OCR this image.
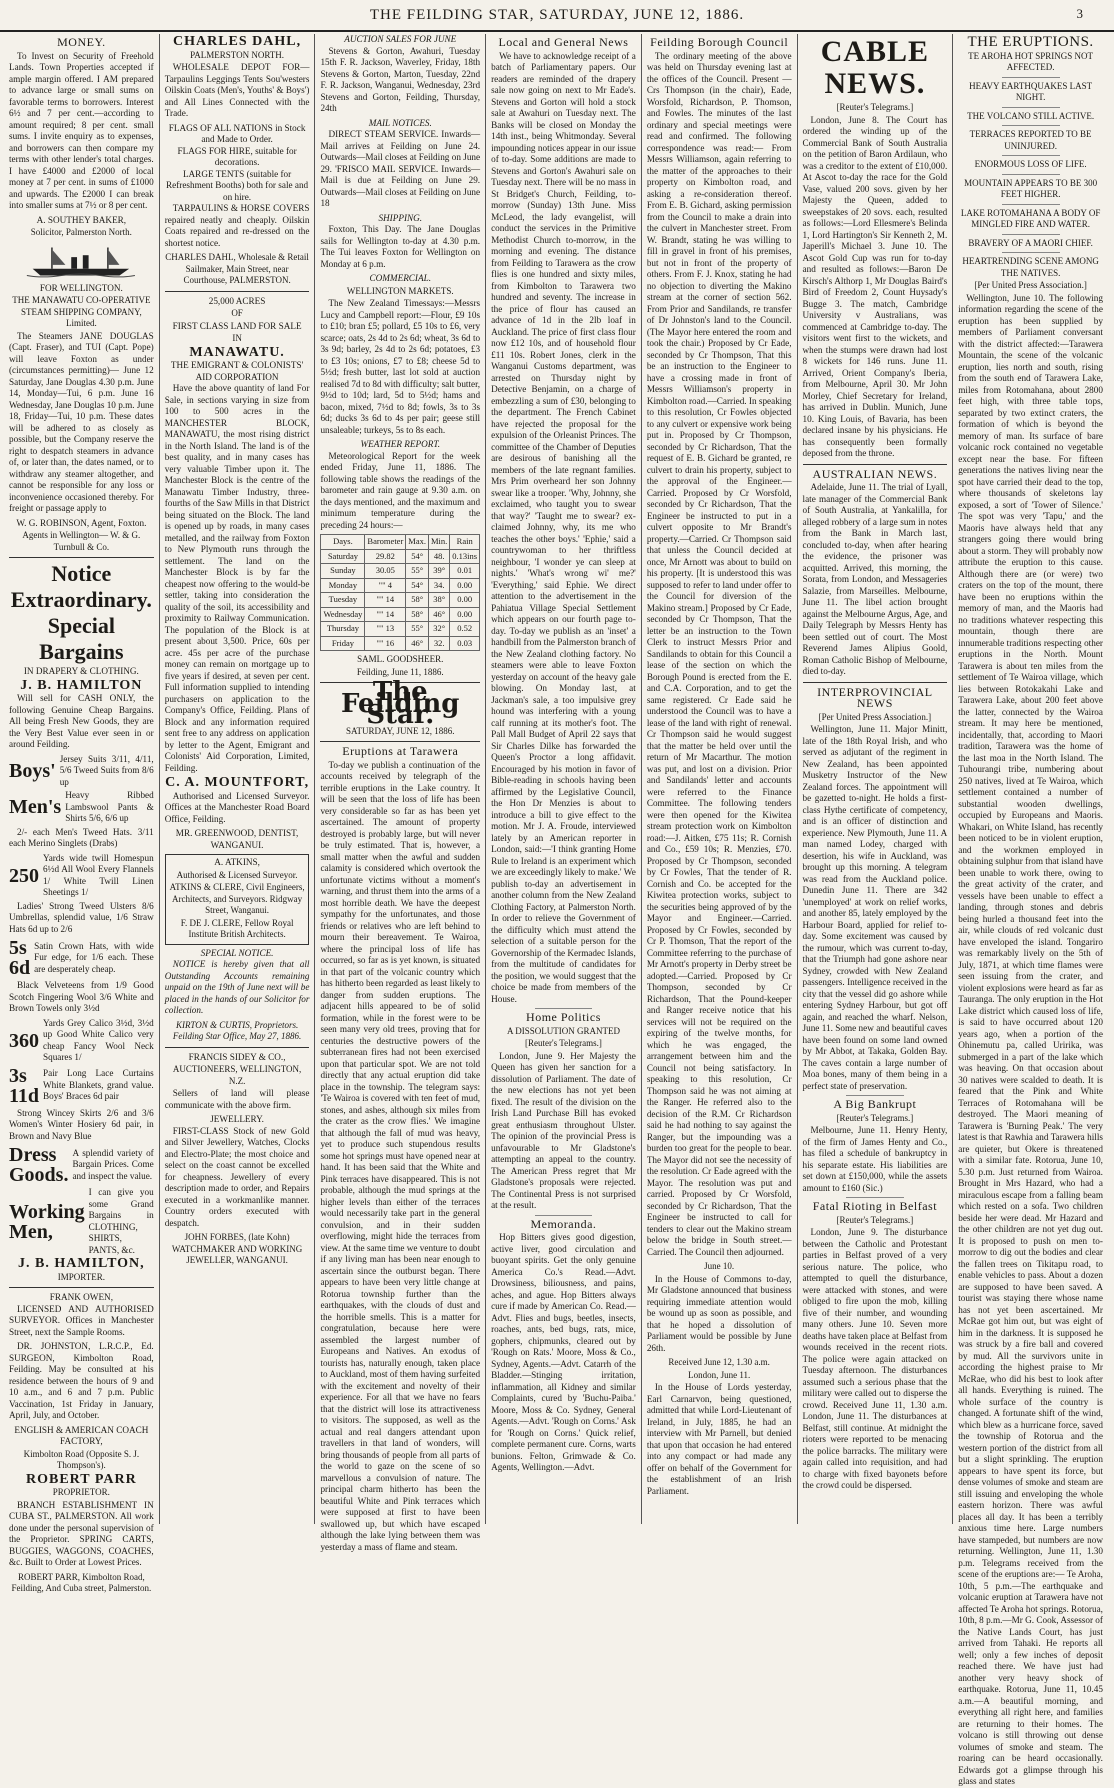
THE FEILDING STAR, SATURDAY, JUNE 12, 1886.	3
MONEY.

To Invest on Security of Freehold Lands. Town Properties accepted if ample margin offered. I AM prepared to advance large or small sums on favorable terms to borrowers. Interest 6½ and 7 per cent.—according to amount required; 8 per cent. small sums. I invite enquiry as to expenses, and borrowers can then compare my terms with other lender's total charges. I have £4000 and £2000 of local money at 7 per cent. in sums of £1000 and upwards. The £2000 I can break into smaller sums at 7½ or 8 per cent.

A. SOUTHEY BAKER,
Solicitor, Palmerston North.
FOR WELLINGTON.
THE MANAWATU CO-OPERATIVE STEAM SHIPPING COMPANY, Limited.

The Steamers JANE DOUGLAS (Capt. Fraser), and TUI (Capt. Pope) will leave Foxton as under (circumstances permitting)— June 12 Saturday, Jane Douglas 4.30 p.m. June 14, Monday—Tui, 6 p.m. June 16 Wednesday, Jane Douglas 10 p.m. June 18, Friday—Tui, 10 p.m. These dates will be adhered to as closely as possible, but the Company reserve the right to despatch steamers in advance of, or later than, the dates named, or to withdraw any steamer altogether, and cannot be responsible for any loss or inconvenience occasioned thereby. For freight or passage apply to

W. G. ROBINSON, Agent, Foxton.
Agents in Wellington— W. & G. Turnbull & Co.
Notice
Extraordinary.
Special
Bargains
IN DRAPERY & CLOTHING.
J. B. HAMILTON

Will sell for CASH ONLY, the following Genuine Cheap Bargains. All being Fresh New Goods, they are the Very Best Value ever seen in or around Feilding.

Boys'
Jersey Suits 3/11, 4/11, 5/6 Tweed Suits from 8/6 up
Men's
Heavy Ribbed Lambswool Pants & Shirts 5/6, 6/6 up

2/- each Men's Tweed Hats. 3/11 each Merino Singlets (Drabs)

250
Yards wide twill Homespun 6½d All Wool Every Flannels 1/ White Twill Linen Sheetings 1/

Ladies' Strong Tweed Ulsters 8/6 Umbrellas, splendid value, 1/6 Straw Hats 6d up to 2/6

5s 6d
Satin Crown Hats, with wide Fur edge, for 1/6 each. These are desperately cheap.

Black Velveteens from 1/9 Good Scotch Fingering Wool 3/6 White and Brown Towels only 3½d

360
Yards Grey Calico 3½d, 3½d up Good White Calico very cheap Fancy Wool Neck Squares 1/
3s 11d
Pair Long Lace Curtains White Blankets, grand value. Boys' Braces 6d pair

Strong Wincey Skirts 2/6 and 3/6 Women's Winter Hosiery 6d pair, in Brown and Navy Blue

Dress Goods.
A splendid variety of Bargain Prices. Come and inspect the value.
Working Men,
I can give you some Grand Bargains in CLOTHING, SHIRTS, PANTS, &c.
J. B. HAMILTON,
IMPORTER.
FRANK OWEN,

LICENSED AND AUTHORISED SURVEYOR. Offices in Manchester Street, next the Sample Rooms.

DR. JOHNSTON, L.R.C.P., Ed. SURGEON, Kimbolton Road, Feilding. May be consulted at his residence between the hours of 9 and 10 a.m., and 6 and 7 p.m. Public Vaccination, 1st Friday in January, April, July, and October.

ENGLISH & AMERICAN COACH FACTORY,
Kimbolton Road (Opposite S. J. Thompson's).
ROBERT PARR
PROPRIETOR.

BRANCH ESTABLISHMENT IN CUBA ST., PALMERSTON. All work done under the personal supervision of the Proprietor. SPRING CARTS, BUGGIES, WAGGONS, COACHES, &c. Built to Order at Lowest Prices.

ROBERT PARR, Kimbolton Road, Feilding, And Cuba street, Palmerston.
CHARLES DAHL,
PALMERSTON NORTH.

WHOLESALE DEPOT FOR— Tarpaulins Leggings Tents Sou'westers Oilskin Coats (Men's, Youths' & Boys') and All Lines Connected with the Trade.

FLAGS OF ALL NATIONS in Stock and Made to Order.
FLAGS FOR HIRE, suitable for decorations.
LARGE TENTS (suitable for Refreshment Booths) both for sale and on hire.

TARPAULINS & HORSE COVERS repaired neatly and cheaply. Oilskin Coats repaired and re-dressed on the shortest notice.

CHARLES DAHL, Wholesale & Retail Sailmaker, Main Street, near Courthouse, PALMERSTON.
25,000 ACRES
OF
FIRST CLASS LAND FOR SALE
IN
MANAWATU.
THE EMIGRANT & COLONISTS' AID CORPORATION

Have the above quantity of land For Sale, in sections varying in size from 100 to 500 acres in the MANCHESTER BLOCK, MANAWATU, the most rising district in the North Island. The land is of the best quality, and in many cases has very valuable Timber upon it. The Manchester Block is the centre of the Manawatu Timber Industry, three-fourths of the Saw Mills in that District being situated on the Block. The land is opened up by roads, in many cases metalled, and the railway from Foxton to New Plymouth runs through the settlement. The land on the Manchester Block is by far the cheapest now offering to the would-be settler, taking into consideration the quality of the soil, its accessibility and proximity to Railway Communication. The population of the Block is at present about 3,500. Price, 60s per acre. 45s per acre of the purchase money can remain on mortgage up to five years if desired, at seven per cent. Full information supplied to intending purchasers on application to the Company's Office, Feilding. Plans of Block and any information required sent free to any address on application by letter to the Agent, Emigrant and Colonists' Aid Corporation, Limited, Feilding.

C. A. MOUNTFORT,

Authorised and Licensed Surveyor. Offices at the Manchester Road Board Office, Feilding.

MR. GREENWOOD, DENTIST, WANGANUI.
A. ATKINS,
Authorised & Licensed Surveyor.
ATKINS & CLERE, Civil Engineers, Architects, and Surveyors. Ridgway Street, Wanganui.
F. DE J. CLERE, Fellow Royal Institute British Architects.
SPECIAL NOTICE.

NOTICE is hereby given that all Outstanding Accounts remaining unpaid on the 19th of June next will be placed in the hands of our Solicitor for collection.

KIRTON & CURTIS, Proprietors. Feilding Star Office, May 27, 1886.
FRANCIS SIDEY & CO.,
AUCTIONEERS, WELLINGTON, N.Z.

Sellers of land will please communicate with the above firm.

JEWELLERY.

FIRST-CLASS Stock of new Gold and Silver Jewellery, Watches, Clocks and Electro-Plate; the most choice and select on the coast cannot be excelled for cheapness. Jewellery of every description made to order, and Repairs executed in a workmanlike manner. Country orders executed with despatch.

JOHN FORBES, (late Kohn) WATCHMAKER AND WORKING JEWELLER, WANGANUI.
AUCTION SALES FOR JUNE

Stevens & Gorton, Awahuri, Tuesday 15th F. R. Jackson, Waverley, Friday, 18th Stevens & Gorton, Marton, Tuesday, 22nd F. R. Jackson, Wanganui, Wednesday, 23rd Stevens and Gorton, Feilding, Thursday, 24th

MAIL NOTICES.

DIRECT STEAM SERVICE. Inwards—Mail arrives at Feilding on June 24. Outwards—Mail closes at Feilding on June 29. 'FRISCO MAIL SERVICE. Inwards—Mail is due at Feilding on June 29. Outwards—Mail closes at Feilding on June 18

SHIPPING.

Foxton, This Day. The Jane Douglas sails for Wellington to-day at 4.30 p.m. The Tui leaves Foxton for Wellington on Monday at 6 p.m.

COMMERCIAL.
WELLINGTON MARKETS.

The New Zealand Timessays:—Messrs Lucy and Campbell report:—Flour, £9 10s to £10; bran £5; pollard, £5 10s to £6, very scarce; oats, 2s 4d to 2s 6d; wheat, 3s 6d to 3s 9d; barley, 2s 4d to 2s 6d; potatoes, £3 to £3 10s; onions, £7 to £8; cheese 5d to 5½d; fresh butter, last lot sold at auction realised 7d to 8d with difficulty; salt butter, 9½d to 10d; lard, 5d to 5½d; hams and bacon, mixed, 7½d to 8d; fowls, 3s to 3s 6d; ducks 3s 6d to 4s per pair; geese still unsaleable; turkeys, 5s to 8s each.

WEATHER REPORT.

Meteorological Report for the week ended Friday, June 11, 1886. The following table shows the readings of the barometer and rain gauge at 9.30 a.m. on the days mentioned, and the maximum and minimum temperature during the preceding 24 hours:—

Days.	Barometer	Max.	Min.	Rain
Saturday	29.82	54°	48.	0.13ins
Sunday	30.05	55°	39°	0.01
Monday	"" 4	54°	34.	0.00
Tuesday	"" 14	58°	38°	0.00
Wednesday	"" 14	58°	46°	0.00
Thursday	"" 13	55°	32°	0.52
Friday	"" 16	46°	32.	0.03
SAML. GOODSHEER.
Feilding, June 11, 1886.
The Feilding Star.
SATURDAY, JUNE 12, 1886.
Eruptions at Tarawera

To-day we publish a continuation of the accounts received by telegraph of the terrible eruptions in the Lake country. It will be seen that the loss of life has been very considerable so far as has been yet ascertained. The amount of property destroyed is probably large, but will never be truly estimated. That is, however, a small matter when the awful and sudden calamity is considered which overtook the unfortunate victims without a moment's warning, and thrust them into the arms of a most horrible death. We have the deepest sympathy for the unfortunates, and those friends or relatives who are left behind to mourn their bereavement. Te Wairoa, where the principal loss of life has occurred, so far as is yet known, is situated in that part of the volcanic country which has hitherto been regarded as least likely to danger from sudden eruptions. The adjacent hills appeared to be of solid formation, while in the forest were to be seen many very old trees, proving that for centuries the destructive powers of the subterranean fires had not been exercised upon that particular spot. We are not told directly that any actual eruption did take place in the township. The telegram says: 'Te Wairoa is covered with ten feet of mud, stones, and ashes, although six miles from the crater as the crow flies.' We imagine that although the fall of mud was heavy, yet to produce such stupendous results some hot springs must have opened near at hand. It has been said that the White and Pink terraces have disappeared. This is not probable, although the mud springs at the higher levels than either of the terraces would necessarily take part in the general convulsion, and in their sudden overflowing, might hide the terraces from view. At the same time we venture to doubt if any living man has been near enough to ascertain since the outburst began. There appears to have been very little change at Rotorua township further than the earthquakes, with the clouds of dust and the horrible smells. This is a matter for congratulation, because here were assembled the largest number of Europeans and Natives. An exodus of tourists has, naturally enough, taken place to Auckland, most of them having surfeited with the excitement and novelty of their experience. For all that we have no fears that the district will lose its attractiveness to visitors. The supposed, as well as the actual and real dangers attendant upon travellers in that land of wonders, will bring thousands of people from all parts of the world to gaze on the scene of so marvellous a convulsion of nature. The principal charm hitherto has been the beautiful White and Pink terraces which were supposed at first to have been swallowed up, but which have escaped although the lake lying between them was yesterday a mass of flame and steam.

Local and General News

We have to acknowledge receipt of a batch of Parliamentary papers. Our readers are reminded of the drapery sale now going on next to Mr Eade's. Stevens and Gorton will hold a stock sale at Awahuri on Tuesday next. The Banks will be closed on Monday the 14th inst., being Whitmonday. Several impounding notices appear in our issue of to-day. Some additions are made to Stevens and Gorton's Awahuri sale on Tuesday next. There will be no mass in St Bridget's Church, Feilding, to-morrow (Sunday) 13th June. Miss McLeod, the lady evangelist, will conduct the services in the Primitive Methodist Church to-morrow, in the morning and evening. The distance from Feilding to Tarawera as the crow flies is one hundred and sixty miles, from Kimbolton to Tarawera two hundred and seventy. The increase in the price of flour has caused an advance of 1d in the 2lb loaf in Auckland. The price of first class flour now £12 10s, and of household flour £11 10s. Robert Jones, clerk in the Wanganui Customs department, was arrested on Thursday night by Detective Benjamin, on a charge of embezzling a sum of £30, belonging to the department. The French Cabinet have rejected the proposal for the expulsion of the Orleanist Princes. The committee of the Chamber of Deputies are desirous of banishing all the members of the late regnant families. Mrs Prim overheard her son Johnny swear like a trooper. 'Why, Johnny, she exclaimed, who taught you to swear that way?' 'Taught me to swear? ex-claimed Johnny, why, its me who teaches the other boys.' 'Ephie,' said a countrywoman to her thriftless neighbour, 'I wonder ye can sleep at nights.' 'What's wrong wi' me?' 'Everything,' said Ephie. We direct attention to the advertisement in the Pahiatua Village Special Settlement which appears on our fourth page to-day. To-day we publish as an 'inset' a handbill from the Palmerston branch of the New Zealand clothing factory. No steamers were able to leave Foxton yesterday on account of the heavy gale blowing. On Monday last, at Jackman's sale, a too impulsive grey hound was interfering with a young calf running at its mother's foot. The Pall Mall Budget of April 22 says that Sir Charles Dilke has forwarded the Queen's Proctor a long affidavit. Encouraged by his motion in favor of Bible-reading in schools having been affirmed by the Legislative Council, the Hon Dr Menzies is about to introduce a bill to give effect to the motion. Mr J. A. Froude, interviewed lately by an American reporter in London, said:—'I think granting Home Rule to Ireland is an experiment which we are exceedingly likely to make.' We publish to-day an advertisement in another column from the New Zealand Clothing Factory, at Palmerston North. In order to relieve the Government of the difficulty which must attend the selection of a suitable person for the Governorship of the Kermadec Islands, from the multitude of candidates for the position, we would suggest that the choice be made from members of the House.

Home Politics
A DISSOLUTION GRANTED
[Reuter's Telegrams.]

London, June 9. Her Majesty the Queen has given her sanction for a dissolution of Parliament. The date of the new elections has not yet been fixed. The result of the division on the Irish Land Purchase Bill has evoked great enthusiasm throughout Ulster. The opinion of the provincial Press is unfavourable to Mr Gladstone's attempting an appeal to the country. The American Press regret that Mr Gladstone's proposals were rejected. The Continental Press is not surprised at the result.

Memoranda.

Hop Bitters gives good digestion, active liver, good circulation and buoyant spirits. Get the only genuine America Co.'s Read.—Advt. Drowsiness, biliousness, and pains, aches, and ague. Hop Bitters always cure if made by American Co. Read.—Advt. Flies and bugs, beetles, insects, roaches, ants, bed bugs, rats, mice, gophers, chipmunks, cleared out by 'Rough on Rats.' Moore, Moss & Co., Sydney, Agents.—Advt. Catarrh of the Bladder.—Stinging irritation, inflammation, all Kidney and similar Complaints, cured by 'Buchu-Paiba.' Moore, Moss & Co. Sydney, General Agents.—Advt. 'Rough on Corns.' Ask for 'Rough on Corns.' Quick relief, complete permanent cure. Corns, warts bunions. Felton, Grimwade & Co. Agents, Wellington.—Advt.

Feilding Borough Council

The ordinary meeting of the above was held on Thursday evening last at the offices of the Council. Present —Crs Thompson (in the chair), Eade, Worsfold, Richardson, P. Thomson, and Fowles. The minutes of the last ordinary and special meetings were read and confirmed. The following correspondence was read:— From Messrs Williamson, again referring to the matter of the approaches to their property on Kimbolton road, and asking a re-consideration thereof. From E. B. Gichard, asking permission from the Council to make a drain into the culvert in Manchester street. From W. Brandt, stating he was willing to fill in gravel in front of his premises, but not in front of the property of others. From F. J. Knox, stating he had no objection to diverting the Makino stream at the corner of section 562. From Prior and Sandilands, re transfer of Dr Johnston's land to the Council. (The Mayor here entered the room and took the chair.) Proposed by Cr Eade, seconded by Cr Thompson, That this be an instruction to the Engineer to have a crossing made in front of Messrs Williamson's property in Kimbolton road.—Carried. In speaking to this resolution, Cr Fowles objected to any culvert or expensive work being put in. Proposed by Cr Thompson, seconded by Cr Richardson, That the request of E. B. Gichard be granted, re culvert to drain his property, subject to the approval of the Engineer.—Carried. Proposed by Cr Worsfold, seconded by Cr Richardson, That the Engineer be instructed to put in a culvert opposite to Mr Brandt's property.—Carried. Cr Thompson said that unless the Council decided at once, Mr Arnott was about to build on his property. [It is understood this was supposed to refer to land under offer to the Council for diversion of the Makino stream.] Proposed by Cr Eade, seconded by Cr Thompson, That the letter be an instruction to the Town Clerk to instruct Messrs Prior and Sandilands to obtain for this Council a lease of the section on which the Borough Pound is erected from the E. and C.A. Corporation, and to get the same registered. Cr Eade said he understood the Council was to have a lease of the land with right of renewal. Cr Thompson said he would suggest that the matter be held over until the return of Mr Macarthur. The motion was put, and lost on a division. Prior and Sandilands' letter and accounts were referred to the Finance Committee. The following tenders were then opened for the Kiwitea stream protection work on Kimbolton road:—J. Aitken, £75 11s; R. Cornish and Co., £59 10s; R. Menzies, £70. Proposed by Cr Thompson, seconded by Cr Fowles, That the tender of R. Cornish and Co. be accepted for the Kiwitea protection works, subject to the securities being approved of by the Mayor and Engineer.—Carried. Proposed by Cr Fowles, seconded by Cr P. Thomson, That the report of the Committee referring to the purchase of Mr Arnott's property in Derby street be adopted.—Carried. Proposed by Cr Thompson, seconded by Cr Richardson, That the Pound-keeper and Ranger receive notice that his services will not be required on the expiring of the twelve months, for which he was engaged, the arrangement between him and the Council not being satisfactory. In speaking to this resolution, Cr Thompson said he was not aiming at the Ranger. He referred also to the decision of the R.M. Cr Richardson said he had nothing to say against the Ranger, but the impounding was a burden too great for the people to bear. The Mayor did not see the necessity of the resolution. Cr Eade agreed with the Mayor. The resolution was put and carried. Proposed by Cr Worsfold, seconded by Cr Richardson, That the Engineer be instructed to call for tenders to clear out the Makino stream below the bridge in South street.—Carried. The Council then adjourned.

June 10.

In the House of Commons to-day, Mr Gladstone announced that business requiring immediate attention would be wound up as soon as possible, and that he hoped a dissolution of Parliament would be possible by June 26th.

Received June 12, 1.30 a.m.
London, June 11.

In the House of Lords yesterday, Earl Carnarvon, being questioned, admitted that while Lord-Lieutenant of Ireland, in July, 1885, he had an interview with Mr Parnell, but denied that upon that occasion he had entered into any compact or had made any offer on behalf of the Government for the establishment of an Irish Parliament.

CABLE NEWS.
[Reuter's Telegrams.]

London, June 8. The Court has ordered the winding up of the Commercial Bank of South Australia on the petition of Baron Ardilaun, who was a creditor to the extent of £10,000. At Ascot to-day the race for the Gold Vase, valued 200 sovs. given by her Majesty the Queen, added to sweepstakes of 20 sovs. each, resulted as follows:—Lord Ellesmere's Belinda 1, Lord Hartington's Sir Kenneth 2, M. Japerill's Michael 3. June 10. The Ascot Gold Cup was run for to-day and resulted as follows:—Baron De Kirsch's Althorp 1, Mr Douglas Baird's Bird of Freedom 2, Count Huysady's Bugge 3. The match, Cambridge University v Australians, was commenced at Cambridge to-day. The visitors went first to the wickets, and when the stumps were drawn had lost 8 wickets for 146 runs. June 11. Arrived, Orient Company's Iberia, from Melbourne, April 30. Mr John Morley, Chief Secretary for Ireland, has arrived in Dublin. Munich, June 10. King Louis, of Bavaria, has been declared insane by his physicians. He has consequently been formally deposed from the throne.

AUSTRALIAN NEWS.

Adelaide, June 11. The trial of Lyall, late manager of the Commercial Bank of South Australia, at Yankalilla, for alleged robbery of a large sum in notes from the Bank in March last, concluded to-day, when after hearing the evidence, the prisoner was acquitted. Arrived, this morning, the Sorata, from London, and Messageries Salazie, from Marseilles. Melbourne, June 11. The libel action brought against the Melbourne Argus, Age, and Daily Telegraph by Messrs Henty has been settled out of court. The Most Reverend James Alipius Goold, Roman Catholic Bishop of Melbourne, died to-day.

INTERPROVINCIAL NEWS
[Per United Press Association.]

Wellington, June 11. Major Minitt, late of the 18th Royal Irish, and who served as adjutant of the regiment in New Zealand, has been appointed Musketry Instructor of the New Zealand forces. The appointment will be gazetted to-night. He holds a first-class Hythe certificate of competency, and is an officer of distinction and experience. New Plymouth, June 11. A man named Lodey, charged with desertion, his wife in Auckland, was brought up this morning. A telegram was read from the Auckland police. Dunedin June 11. There are 342 'unemployed' at work on relief works, and another 85, lately employed by the Harbour Board, applied for relief to-day. Some excitement was caused by the rumour, which was current to-day, that the Triumph had gone ashore near Sydney, crowded with New Zealand passengers. Intelligence received in the city that the vessel did go ashore while entering Sydney Harbour, but got off again, and reached the wharf. Nelson, June 11. Some new and beautiful caves have been found on some land owned by Mr Abbot, at Takaka, Golden Bay. The caves contain a large number of Moa bones, many of them being in a perfect state of preservation.

A Big Bankrupt
[Reuter's Telegrams.]

Melbourne, June 11. Henry Henty, of the firm of James Henty and Co., has filed a schedule of bankruptcy in his separate estate. His liabilities are set down at £150,000, while the assets amount to £160 (Sic.)

Fatal Rioting in Belfast
[Reuter's Telegrams.]

London, June 9. The disturbance between the Catholic and Protestant parties in Belfast proved of a very serious nature. The police, who attempted to quell the disturbance, were attacked with stones, and were obliged to fire upon the mob, killing five of their number, and wounding many others. June 10. Seven more deaths have taken place at Belfast from wounds received in the recent riots. The police were again attacked on Tuesday afternoon. The disturbances assumed such a serious phase that the military were called out to disperse the crowd. Received June 11, 1.30 a.m. London, June 11. The disturbances at Belfast, still continue. At midnight the rioters were reported to be menacing the police barracks. The military were again called into requisition, and had to charge with fixed bayonets before the crowd could be dispersed.

THE ERUPTIONS.
TE AROHA HOT SPRINGS NOT AFFECTED.
HEAVY EARTHQUAKES LAST NIGHT.
THE VOLCANO STILL ACTIVE.
TERRACES REPORTED TO BE UNINJURED.
ENORMOUS LOSS OF LIFE.
MOUNTAIN APPEARS TO BE 300 FEET HIGHER.
LAKE ROTOMAHANA A BODY OF MINGLED FIRE AND WATER.
BRAVERY OF A MAORI CHIEF.
HEARTRENDING SCENE AMONG THE NATIVES.
[Per United Press Association.]

Wellington, June 10. The following information regarding the scene of the eruption has been supplied by members of Parliament conversant with the district affected:—Tarawera Mountain, the scene of the volcanic eruption, lies north and south, rising from the south end of Tarawera Lake, miles from Rotomahana, about 2800 feet high, with three table tops, separated by two extinct craters, the formation of which is beyond the memory of man. Its surface of bare volcanic rock contained no vegetable except near the base. For fifteen generations the natives living near the spot have carried their dead to the top, where thousands of skeletons lay exposed, a sort of 'Tower of Silence.' The spot was very 'Tapu,' and the Maoris have always held that any strangers going there would bring about a storm. They will probably now attribute the eruption to this cause. Although there are (or were) two craters on the top of the mount, there have been no eruptions within the memory of man, and the Maoris had no traditions whatever respecting this mountain, though there are innumerable traditions respecting other eruptions in the North. Mount Tarawera is about ten miles from the settlement of Te Wairoa village, which lies between Rotokakahi Lake and Tarawera Lake, about 200 feet above the latter, connected by the Wairoa stream. It may here be mentioned, incidentally, that, according to Maori tradition, Tarawera was the home of the last moa in the North Island. The Tuhourangi tribe, numbering about 250 natives, lived at Te Wairoa, which settlement contained a number of substantial wooden dwellings, occupied by Europeans and Maoris. Whakari, on White Island, has recently been noticed to be in violent eruption, and the workmen employed in obtaining sulphur from that island have been unable to work there, owing to the great activity of the crater, and vessels have been unable to effect a landing, through stones and debris being hurled a thousand feet into the air, while clouds of red volcanic dust have enveloped the island. Tongariro was remarkably lively on the 5th of July, 1871, at which time flames were seen issuing from the crater, and violent explosions were heard as far as Tauranga. The only eruption in the Hot Lake district which caused loss of life, is said to have occurred about 120 years ago, when a portion of the Ohinemutu pa, called Uririka, was submerged in a part of the lake which was heaving. On that occasion about 30 natives were scalded to death. It is feared that the Pink and White Terraces of Rotomahana will be destroyed. The Maori meaning of Tarawera is 'Burning Peak.' The very latest is that Rawhia and Tarawera hills are quieter, but Okere is threatened with a similar fate. Rotorua, June 10, 5.30 p.m. Just returned from Wairoa. Brought in Mrs Hazard, who had a miraculous escape from a falling beam which rested on a sofa. Two children beside her were dead. Mr Hazard and the other children are not yet dug out. It is proposed to push on men to-morrow to dig out the bodies and clear the fallen trees on Tikitapu road, to enable vehicles to pass. About a dozen are supposed to have been saved. A tourist was staying there whose name has not yet been ascertained. Mr McRae got him out, but was eight of him in the darkness. It is supposed he was struck by a fire ball and covered by mud. All the survivors unite in according the highest praise to Mr McRae, who did his best to look after all hands. Everything is ruined. The whole surface of the country is changed. A fortunate shift of the wind, which blew as a hurricane force, saved the township of Rotorua and the western portion of the district from all but a slight sprinkling. The eruption appears to have spent its force, but dense volumes of smoke and steam are still issuing and enveloping the whole eastern horizon. There was awful places all day. It has been a terribly anxious time here. Large numbers have stampeded, but numbers are now returning. Wellington, June 11, 1.30 p.m. Telegrams received from the scene of the eruptions are:— Te Aroha, 10th, 5 p.m.—The earthquake and volcanic eruption at Tarawera have not affected Te Aroha hot springs. Rotorua, 10th, 8 p.m.—Mr G. Cook, Assessor of the Native Lands Court, has just arrived from Tahaki. He reports all well; only a few inches of deposit reached there. We have just had another very heavy shock of earthquake. Rotorua, June 11, 10.45 a.m.—A beautiful morning, and everything all right here, and families are returning to their homes. The volcano is still throwing out dense volumes of smoke and steam. The roaring can be heard occasionally. Edwards got a glimpse through his glass and states
